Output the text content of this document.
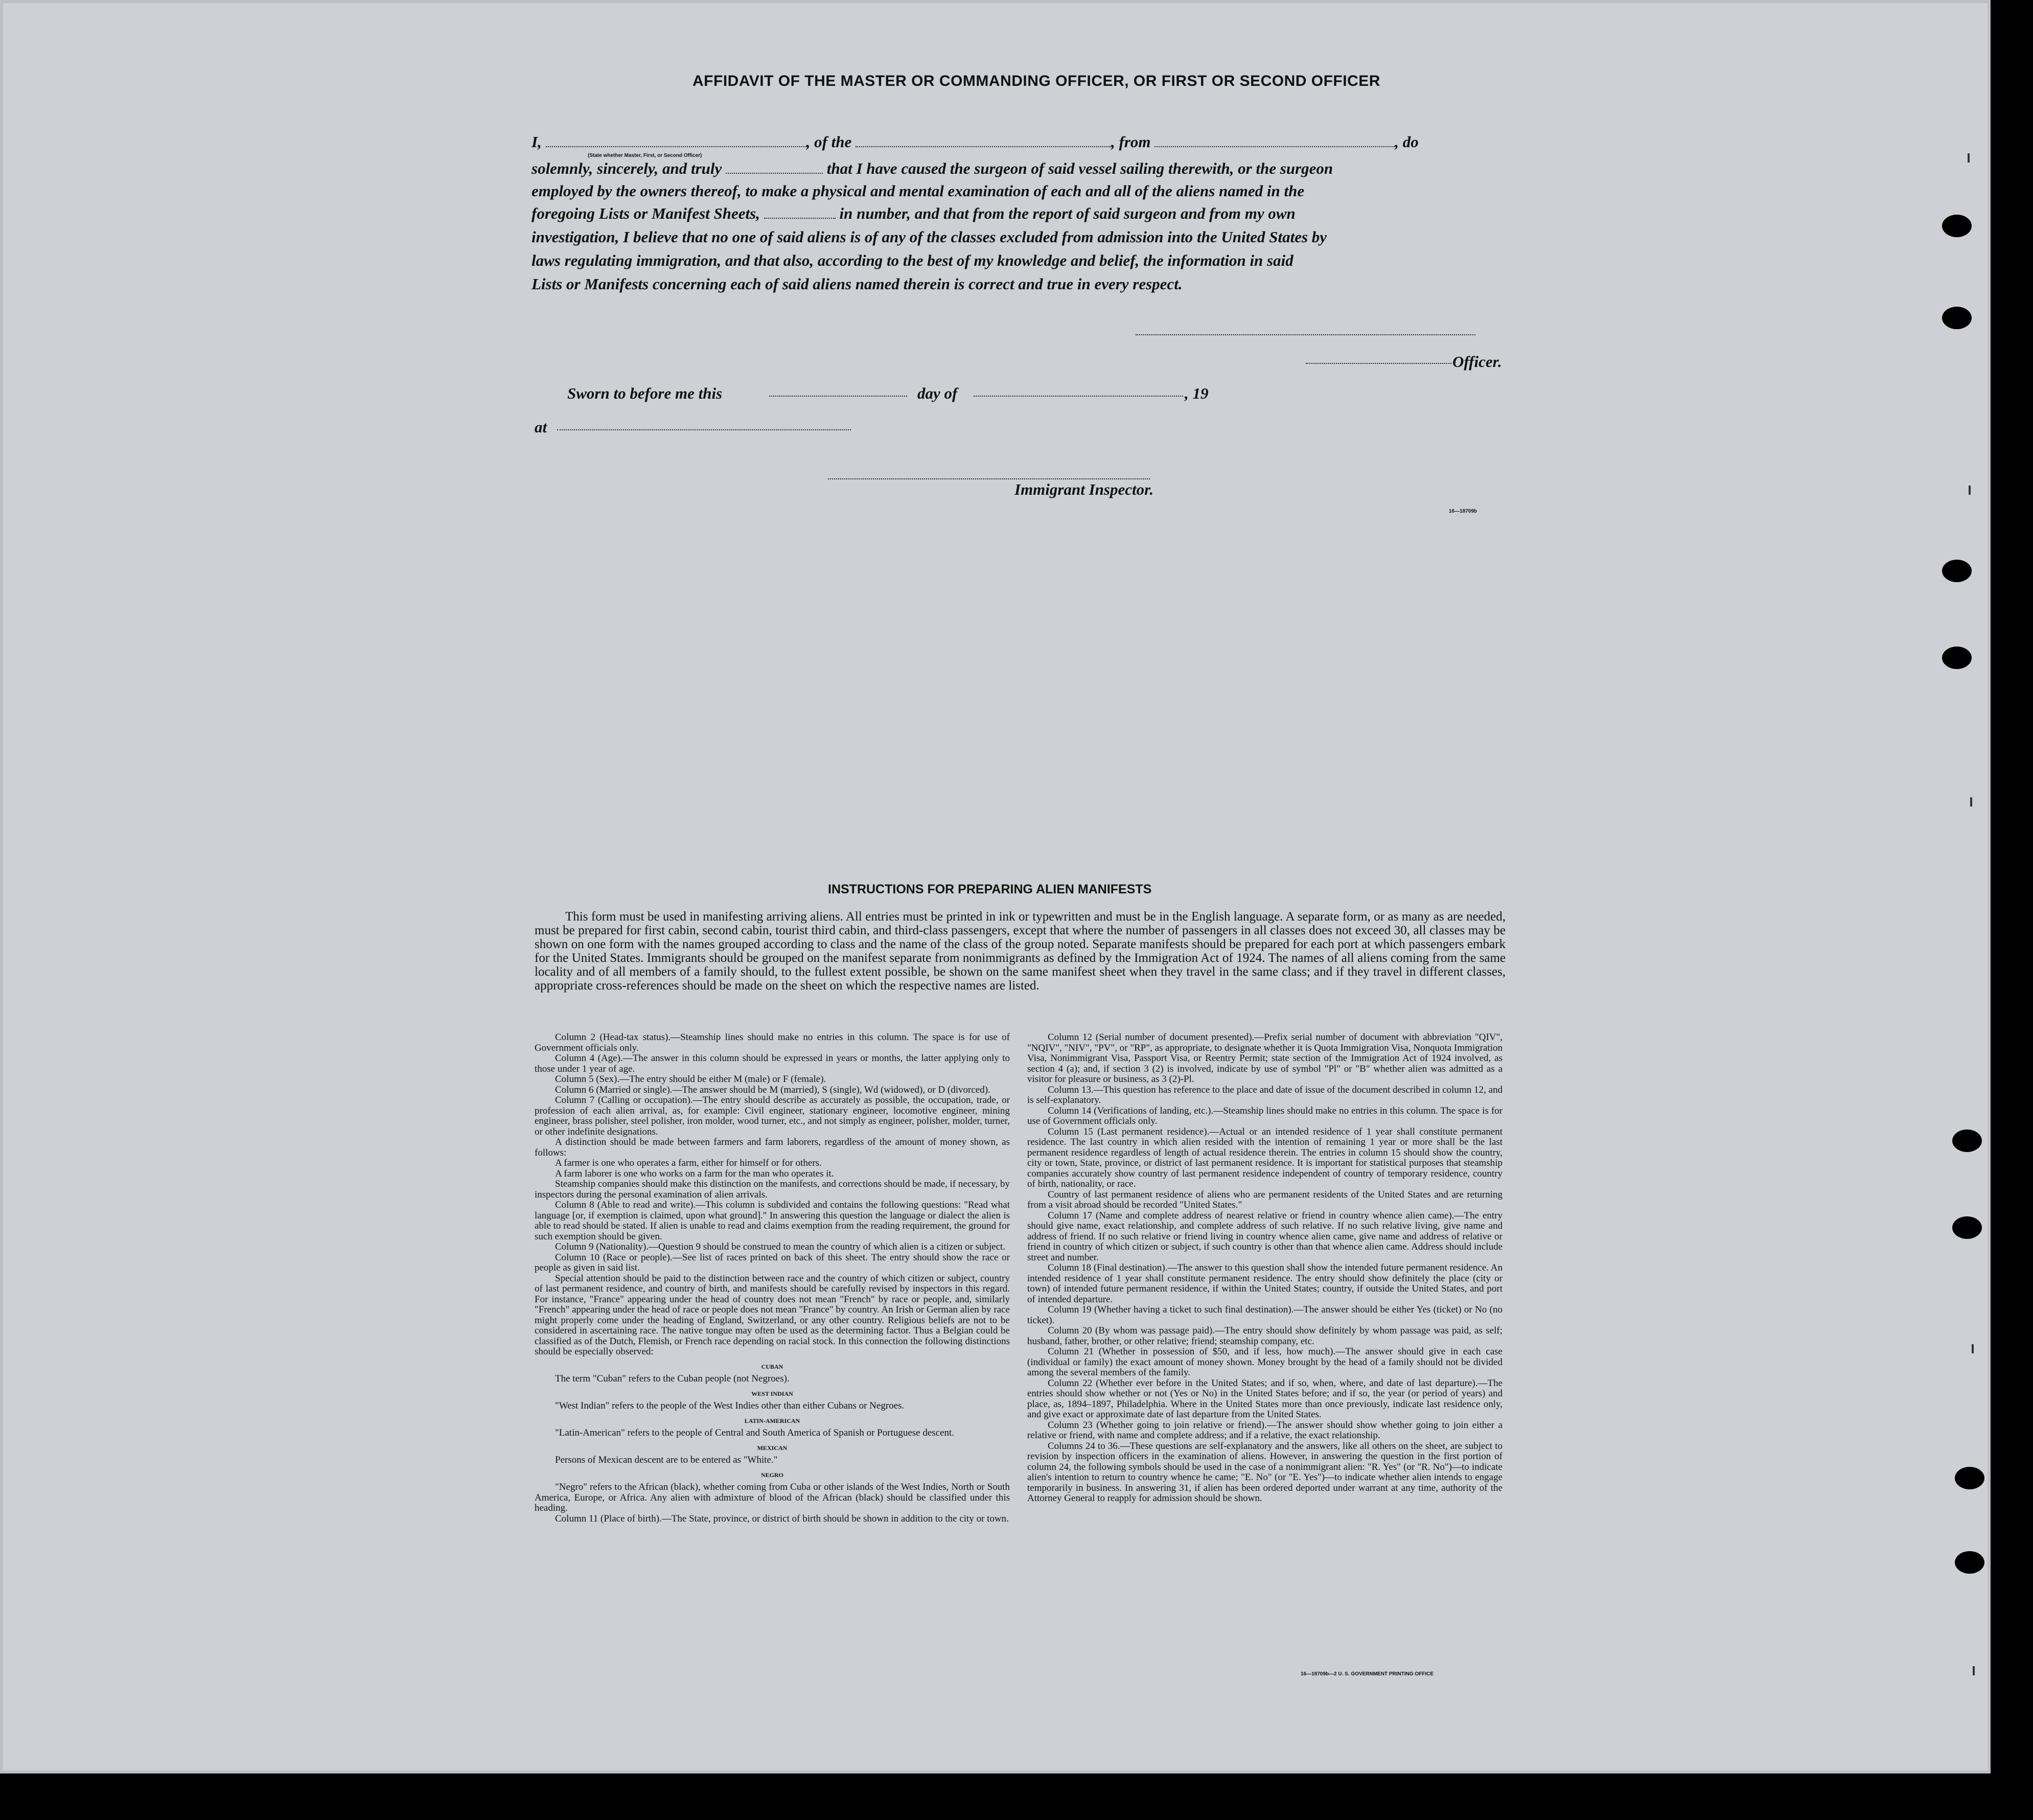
AFFIDAVIT OF THE MASTER OR COMMANDING OFFICER, OR FIRST OR SECOND OFFICER
I,	, of the	, from	, do
(State whether Master, First, or Second Officer)
solemnly, sincerely, and truly	that I have caused the surgeon of said vessel sailing therewith, or the surgeon
employed by the owners thereof, to make a physical and mental examination of each and all of the aliens named in the
foregoing Lists or Manifest Sheets,	in number, and that from the report of said surgeon and from my own
investigation, I believe that no one of said aliens is of any of the classes excluded from admission into the United States by
laws regulating immigration, and that also, according to the best of my knowledge and belief, the information in said
Lists or Manifests concerning each of said aliens named therein is correct and true in every respect.
Officer.
Sworn to before me this	day of	, 19
at
Immigrant Inspector.
16—18709b
INSTRUCTIONS FOR PREPARING ALIEN MANIFESTS
This form must be used in manifesting arriving aliens. All entries must be printed in ink or typewritten and must be in the English language. A separate form, or as many as are needed, must be prepared for first cabin, second cabin, tourist third cabin, and third-class passengers, except that where the number of passengers in all classes does not exceed 30, all classes may be shown on one form with the names grouped according to class and the name of the class of the group noted. Separate manifests should be prepared for each port at which passengers embark for the United States. Immigrants should be grouped on the manifest separate from nonimmigrants as defined by the Immigration Act of 1924. The names of all aliens coming from the same locality and of all members of a family should, to the fullest extent possible, be shown on the same manifest sheet when they travel in the same class; and if they travel in different classes, appropriate cross-references should be made on the sheet on which the respective names are listed.

Column 2 (Head-tax status).—Steamship lines should make no entries in this column. The space is for use of Government officials only.

Column 4 (Age).—The answer in this column should be expressed in years or months, the latter applying only to those under 1 year of age.

Column 5 (Sex).—The entry should be either M (male) or F (female).

Column 6 (Married or single).—The answer should be M (married), S (single), Wd (widowed), or D (divorced).

Column 7 (Calling or occupation).—The entry should describe as accurately as possible, the occupation, trade, or profession of each alien arrival, as, for example: Civil engineer, stationary engineer, locomotive engineer, mining engineer, brass polisher, steel polisher, iron molder, wood turner, etc., and not simply as engineer, polisher, molder, turner, or other indefinite designations.

A distinction should be made between farmers and farm laborers, regardless of the amount of money shown, as follows:

A farmer is one who operates a farm, either for himself or for others.

A farm laborer is one who works on a farm for the man who operates it.

Steamship companies should make this distinction on the manifests, and corrections should be made, if necessary, by inspectors during the personal examination of alien arrivals.

Column 8 (Able to read and write).—This column is subdivided and contains the following questions: "Read what language [or, if exemption is claimed, upon what ground]." In answering this question the language or dialect the alien is able to read should be stated. If alien is unable to read and claims exemption from the reading requirement, the ground for such exemption should be given.

Column 9 (Nationality).—Question 9 should be construed to mean the country of which alien is a citizen or subject.

Column 10 (Race or people).—See list of races printed on back of this sheet. The entry should show the race or people as given in said list.

Special attention should be paid to the distinction between race and the country of which citizen or subject, country of last permanent residence, and country of birth, and manifests should be carefully revised by inspectors in this regard. For instance, "France" appearing under the head of country does not mean "French" by race or people, and, similarly "French" appearing under the head of race or people does not mean "France" by country. An Irish or German alien by race might properly come under the heading of England, Switzerland, or any other country. Religious beliefs are not to be considered in ascertaining race. The native tongue may often be used as the determining factor. Thus a Belgian could be classified as of the Dutch, Flemish, or French race depending on racial stock. In this connection the following distinctions should be especially observed:

CUBAN

The term "Cuban" refers to the Cuban people (not Negroes).

WEST INDIAN

"West Indian" refers to the people of the West Indies other than either Cubans or Negroes.

LATIN-AMERICAN

"Latin-American" refers to the people of Central and South America of Spanish or Portuguese descent.

MEXICAN

Persons of Mexican descent are to be entered as "White."

NEGRO

"Negro" refers to the African (black), whether coming from Cuba or other islands of the West Indies, North or South America, Europe, or Africa. Any alien with admixture of blood of the African (black) should be classified under this heading.

Column 11 (Place of birth).—The State, province, or district of birth should be shown in addition to the city or town.

Column 12 (Serial number of document presented).—Prefix serial number of document with abbreviation "QIV", "NQIV", "NIV", "PV", or "RP", as appropriate, to designate whether it is Quota Immigration Visa, Nonquota Immigration Visa, Nonimmigrant Visa, Passport Visa, or Reentry Permit; state section of the Immigration Act of 1924 involved, as section 4 (a); and, if section 3 (2) is involved, indicate by use of symbol "Pl" or "B" whether alien was admitted as a visitor for pleasure or business, as 3 (2)-Pl.

Column 13.—This question has reference to the place and date of issue of the document described in column 12, and is self-explanatory.

Column 14 (Verifications of landing, etc.).—Steamship lines should make no entries in this column. The space is for use of Government officials only.

Column 15 (Last permanent residence).—Actual or an intended residence of 1 year shall constitute permanent residence. The last country in which alien resided with the intention of remaining 1 year or more shall be the last permanent residence regardless of length of actual residence therein. The entries in column 15 should show the country, city or town, State, province, or district of last permanent residence. It is important for statistical purposes that steamship companies accurately show country of last permanent residence independent of country of temporary residence, country of birth, nationality, or race.

Country of last permanent residence of aliens who are permanent residents of the United States and are returning from a visit abroad should be recorded "United States."

Column 17 (Name and complete address of nearest relative or friend in country whence alien came).—The entry should give name, exact relationship, and complete address of such relative. If no such relative living, give name and address of friend. If no such relative or friend living in country whence alien came, give name and address of relative or friend in country of which citizen or subject, if such country is other than that whence alien came. Address should include street and number.

Column 18 (Final destination).—The answer to this question shall show the intended future permanent residence. An intended residence of 1 year shall constitute permanent residence. The entry should show definitely the place (city or town) of intended future permanent residence, if within the United States; country, if outside the United States, and port of intended departure.

Column 19 (Whether having a ticket to such final destination).—The answer should be either Yes (ticket) or No (no ticket).

Column 20 (By whom was passage paid).—The entry should show definitely by whom passage was paid, as self; husband, father, brother, or other relative; friend; steamship company, etc.

Column 21 (Whether in possession of $50, and if less, how much).—The answer should give in each case (individual or family) the exact amount of money shown. Money brought by the head of a family should not be divided among the several members of the family.

Column 22 (Whether ever before in the United States; and if so, when, where, and date of last departure).—The entries should show whether or not (Yes or No) in the United States before; and if so, the year (or period of years) and place, as, 1894–1897, Philadelphia. Where in the United States more than once previously, indicate last residence only, and give exact or approximate date of last departure from the United States.

Column 23 (Whether going to join relative or friend).—The answer should show whether going to join either a relative or friend, with name and complete address; and if a relative, the exact relationship.

Columns 24 to 36.—These questions are self-explanatory and the answers, like all others on the sheet, are subject to revision by inspection officers in the examination of aliens. However, in answering the question in the first portion of column 24, the following symbols should be used in the case of a nonimmigrant alien: "R. Yes" (or "R. No")—to indicate alien's intention to return to country whence he came; "E. No" (or "E. Yes")—to indicate whether alien intends to engage temporarily in business. In answering 31, if alien has been ordered deported under warrant at any time, authority of the Attorney General to reapply for admission should be shown.

16—18709b—2 U. S. GOVERNMENT PRINTING OFFICE
